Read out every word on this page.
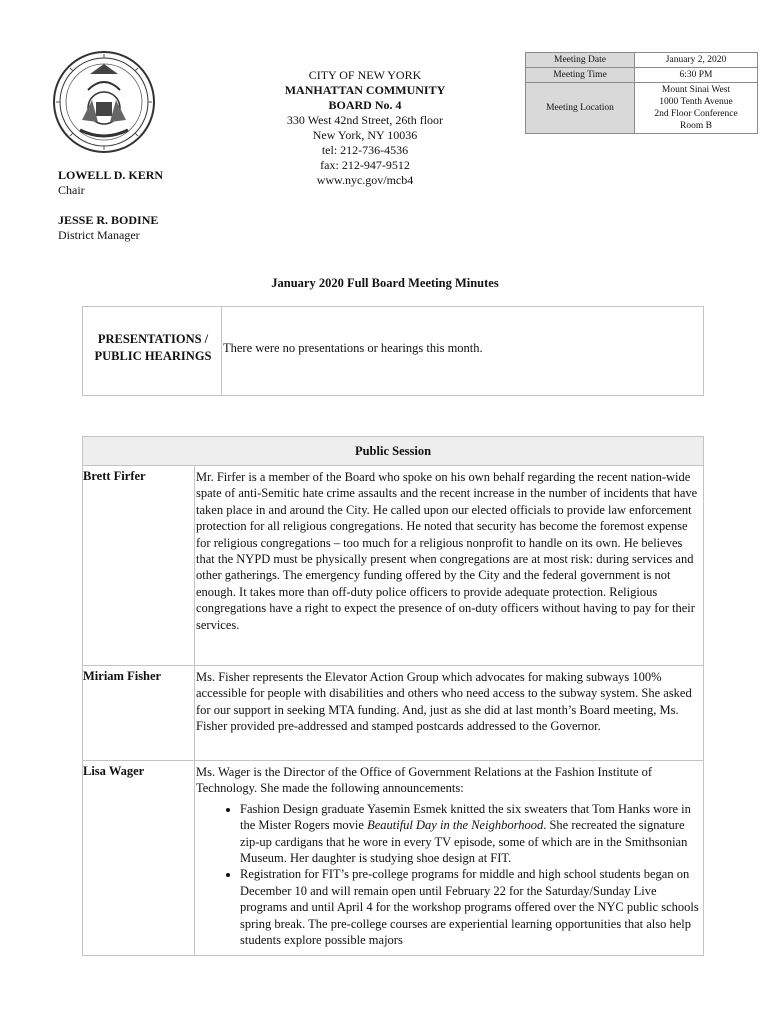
CITY OF NEW YORK
MANHATTAN COMMUNITY
BOARD No. 4
330 West 42nd Street, 26th floor
New York, NY 10036
tel: 212-736-4536
fax: 212-947-9512
www.nyc.gov/mcb4
LOWELL D. KERN
Chair
JESSE R. BODINE
District Manager
Meeting Date	January 2, 2020
Meeting Time	6:30 PM
Meeting Location	Mount Sinai West
1000 Tenth Avenue
2nd Floor Conference
Room B
January 2020 Full Board Meeting Minutes
PRESENTATIONS /
PUBLIC HEARINGS
There were no presentations or hearings this month.
Public Session
Brett Firfer	Mr. Firfer is a member of the Board who spoke on his own behalf regarding the recent nation-wide spate of anti-Semitic hate crime assaults and the recent increase in the number of incidents that have taken place in and around the City. He called upon our elected officials to provide law enforcement protection for all religious congregations. He noted that security has become the foremost expense for religious congregations – too much for a religious nonprofit to handle on its own. He believes that the NYPD must be physically present when congregations are at most risk: during services and other gatherings. The emergency funding offered by the City and the federal government is not enough. It takes more than off-duty police officers to provide adequate protection. Religious congregations have a right to expect the presence of on-duty officers without having to pay for their services.
Miriam Fisher	Ms. Fisher represents the Elevator Action Group which advocates for making subways 100% accessible for people with disabilities and others who need access to the subway system. She asked for our support in seeking MTA funding. And, just as she did at last month’s Board meeting, Ms. Fisher provided pre-addressed and stamped postcards addressed to the Governor.
Lisa Wager	Ms. Wager is the Director of the Office of Government Relations at the Fashion Institute of Technology. She made the following announcements:
• Fashion Design graduate Yasemin Esmek knitted the six sweaters that Tom Hanks wore in the Mister Rogers movie Beautiful Day in the Neighborhood. She recreated the signature zip-up cardigans that he wore in every TV episode, some of which are in the Smithsonian Museum. Her daughter is studying shoe design at FIT.
• Registration for FIT’s pre-college programs for middle and high school students began on December 10 and will remain open until February 22 for the Saturday/Sunday Live programs and until April 4 for the workshop programs offered over the NYC public schools spring break. The pre-college courses are experiential learning opportunities that also help students explore possible majors
